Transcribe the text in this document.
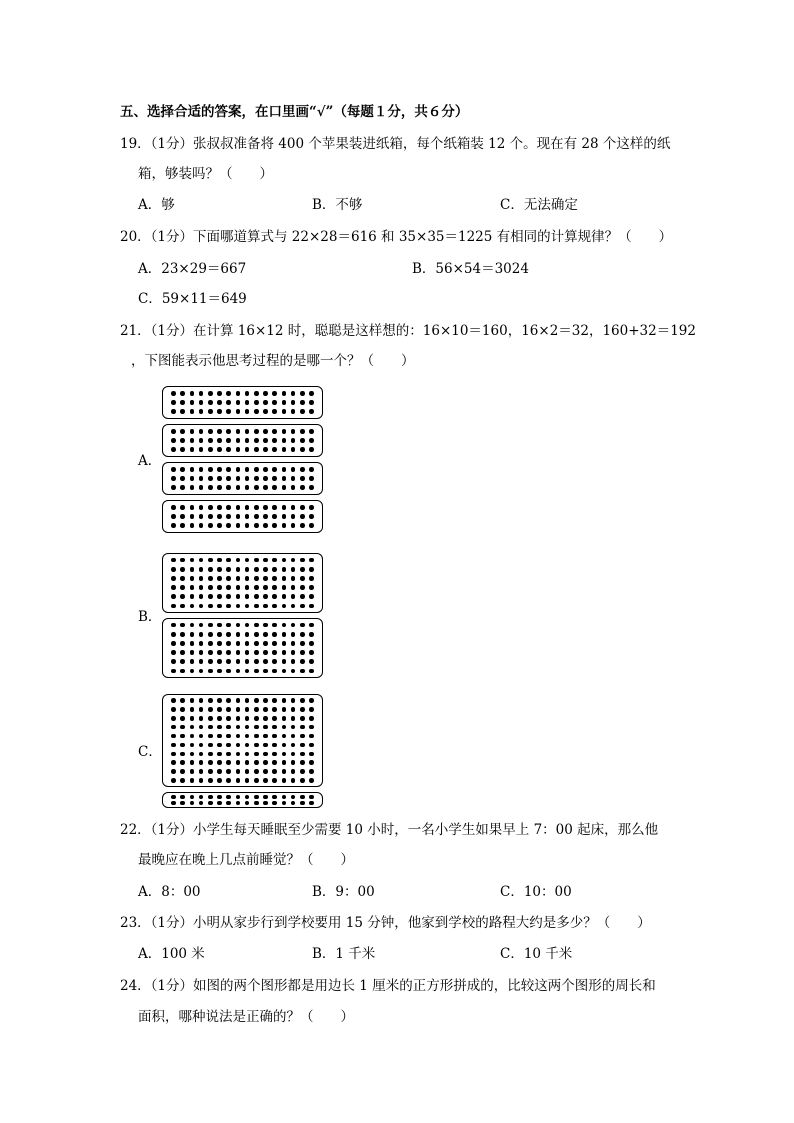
五、选择合适的答案，在口里画“√”（每题１分，共６分）
19．（1分）张叔叔准备将 400 个苹果装进纸箱，每个纸箱装 12 个。现在有 28 个这样的纸
箱，够装吗？（　　）
A．够	B．不够	C．无法确定
20．（1分）下面哪道算式与 22×28＝616 和 35×35＝1225 有相同的计算规律？（　　）
A．23×29＝667	B．56×54＝3024
C．59×11＝649
21．（1分）在计算 16×12 时，聪聪是这样想的：16×10＝160，16×2＝32，160+32＝192
，下图能表示他思考过程的是哪一个？（　　）
A．
B．
C．
22．（1分）小学生每天睡眠至少需要 10 小时，一名小学生如果早上 7：00 起床，那么他
最晚应在晚上几点前睡觉？（　　）
A．8：00	B．9：00	C．10：00
23．（1分）小明从家步行到学校要用 15 分钟，他家到学校的路程大约是多少？（　　）
A．100 米	B．1 千米	C．10 千米
24．（1分）如图的两个图形都是用边长 1 厘米的正方形拼成的，比较这两个图形的周长和
面积，哪种说法是正确的？（　　）
